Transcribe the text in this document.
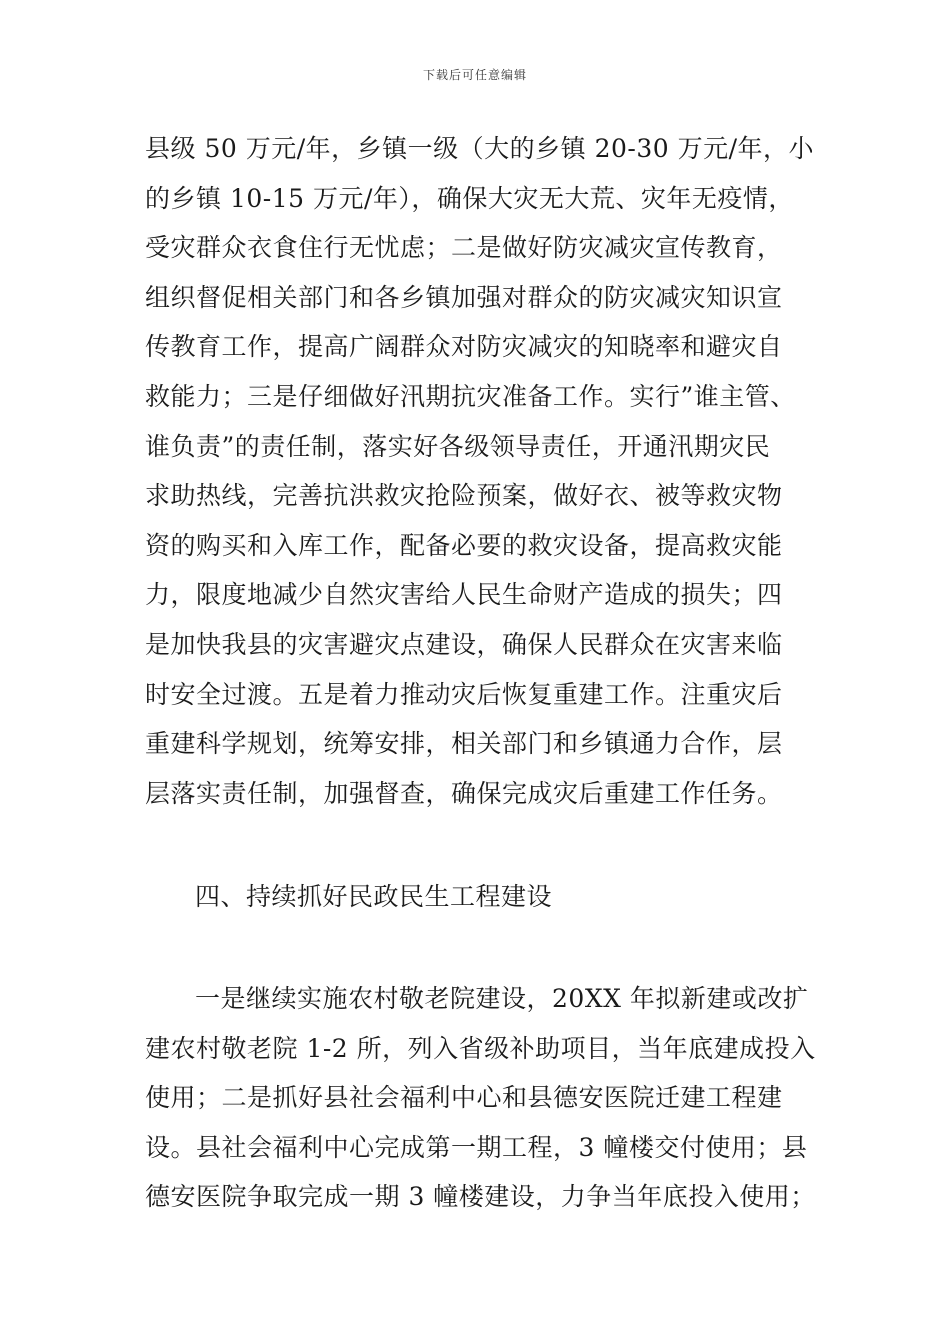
下载后可任意编辑
县级 50 万元/年，乡镇一级（大的乡镇 20-30 万元/年，小
的乡镇 10-15 万元/年），确保大灾无大荒、灾年无疫情，
受灾群众衣食住行无忧虑；二是做好防灾减灾宣传教育，
组织督促相关部门和各乡镇加强对群众的防灾减灾知识宣
传教育工作，提高广阔群众对防灾减灾的知晓率和避灾自
救能力；三是仔细做好汛期抗灾准备工作。实行”谁主管、
谁负责”的责任制，落实好各级领导责任，开通汛期灾民
求助热线，完善抗洪救灾抢险预案，做好衣、被等救灾物
资的购买和入库工作，配备必要的救灾设备，提高救灾能
力，限度地减少自然灾害给人民生命财产造成的损失；四
是加快我县的灾害避灾点建设，确保人民群众在灾害来临
时安全过渡。五是着力推动灾后恢复重建工作。注重灾后
重建科学规划，统筹安排，相关部门和乡镇通力合作，层
层落实责任制，加强督查，确保完成灾后重建工作任务。
四、持续抓好民政民生工程建设
一是继续实施农村敬老院建设，20XX 年拟新建或改扩
建农村敬老院 1-2 所，列入省级补助项目，当年底建成投入
使用；二是抓好县社会福利中心和县德安医院迁建工程建
设。县社会福利中心完成第一期工程，3 幢楼交付使用；县
德安医院争取完成一期 3 幢楼建设，力争当年底投入使用；
